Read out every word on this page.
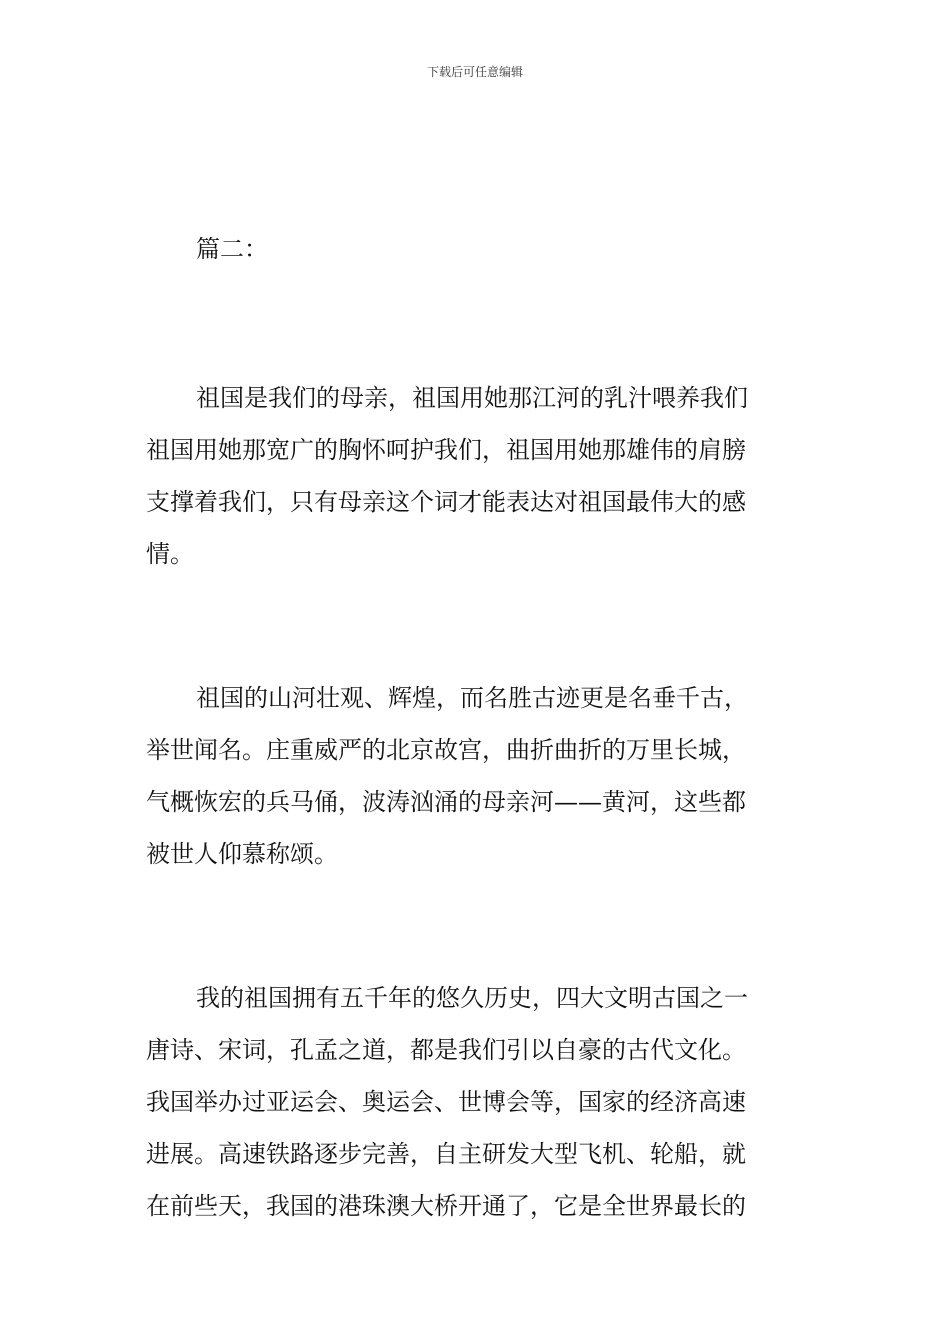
下载后可任意编辑
篇二：
祖国是我们的母亲，祖国用她那江河的乳汁喂养我们
祖国用她那宽广的胸怀呵护我们，祖国用她那雄伟的肩膀
支撑着我们，只有母亲这个词才能表达对祖国最伟大的感
情。
祖国的山河壮观、辉煌，而名胜古迹更是名垂千古，
举世闻名。庄重威严的北京故宫，曲折曲折的万里长城，
气概恢宏的兵马俑，波涛汹涌的母亲河——黄河，这些都
被世人仰慕称颂。
我的祖国拥有五千年的悠久历史，四大文明古国之一
唐诗、宋词，孔孟之道，都是我们引以自豪的古代文化。
我国举办过亚运会、奥运会、世博会等，国家的经济高速
进展。高速铁路逐步完善，自主研发大型飞机、轮船，就
在前些天，我国的港珠澳大桥开通了，它是全世界最长的
